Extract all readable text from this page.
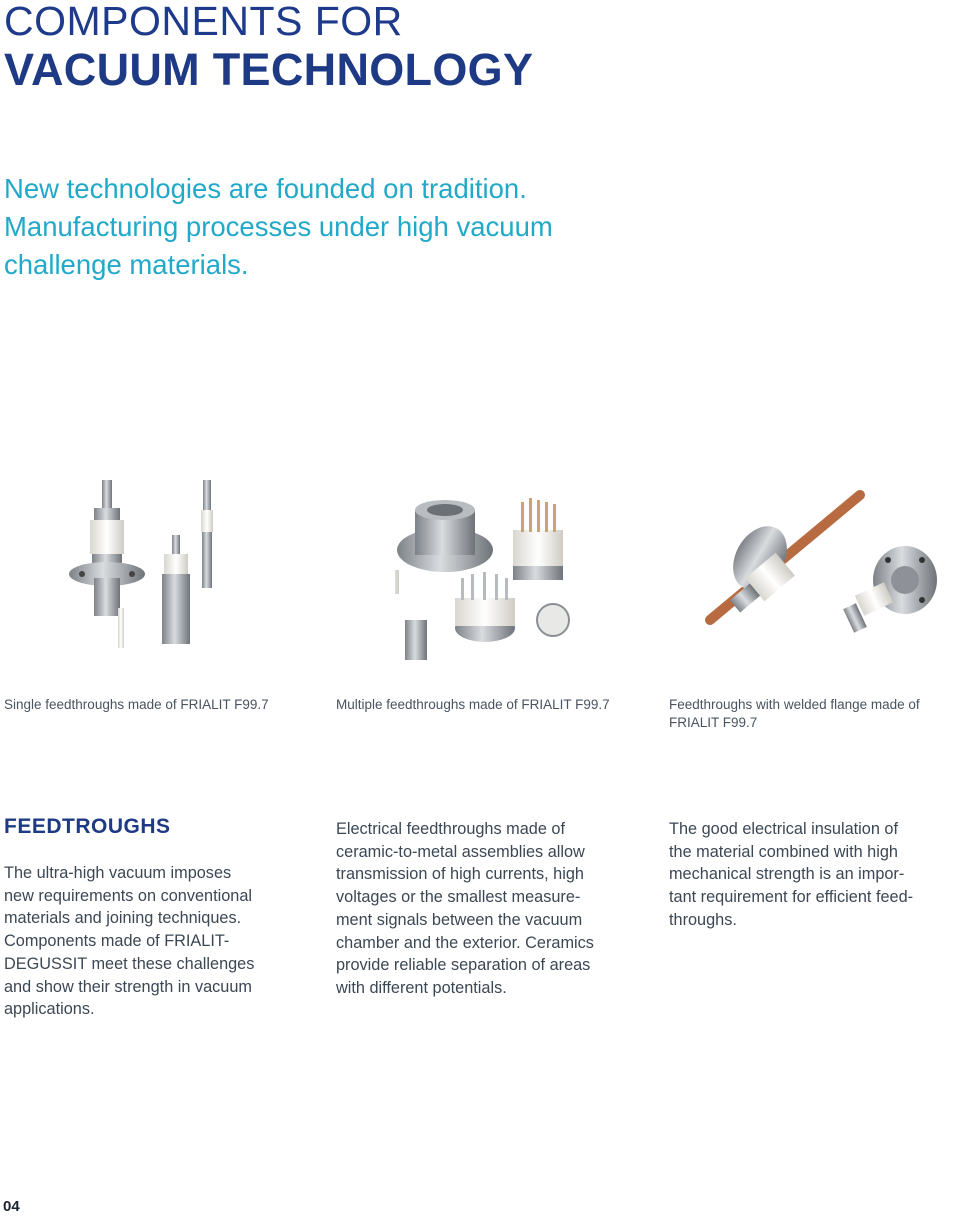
COMPONENTS FOR
VACUUM TECHNOLOGY
New technologies are founded on tradition.
Manufacturing processes under high vacuum
challenge materials.
Single feedthroughs made of FRIALIT F99.7	Multiple feedthroughs made of FRIALIT F99.7	Feedthroughs with welded flange made of
FRIALIT F99.7
FEEDTROUGHS
The ultra-high vacuum imposes
new requirements on conventional
materials and joining techniques.
Components made of FRIALIT-
DEGUSSIT meet these challenges
and show their strength in vacuum
applications.
Electrical feedthroughs made of
ceramic-to-metal assemblies allow
transmission of high currents, high
voltages or the smallest measure-
ment signals between the vacuum
chamber and the exterior. Ceramics
provide reliable separation of areas
with different potentials.
The good electrical insulation of
the material combined with high
mechanical strength is an impor-
tant requirement for efficient feed-
throughs.
04
